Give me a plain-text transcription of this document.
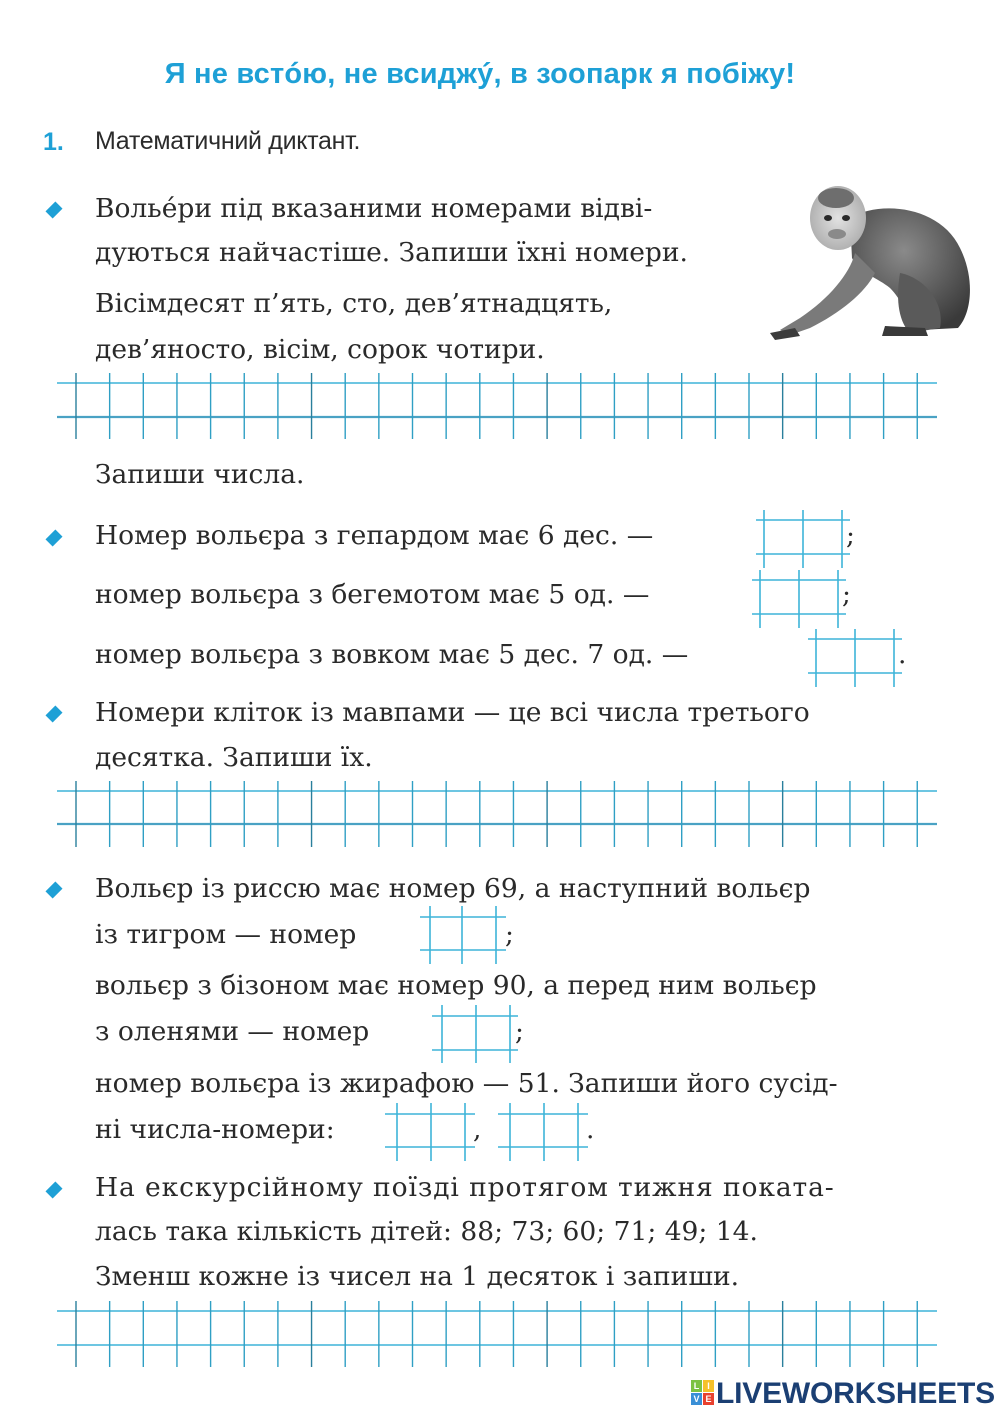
Я не встóю, не всиджý, в зоопарк я побіжу!
1. Математичний диктант.
Вольéри під вказаними номерами відві-
дуються найчастіше. Запиши їхні номери.
Вісімдесят п’ять, сто, дев’ятнадцять,
дев’яносто, вісім, сорок чотири.
Запиши числа.
Номер вольєра з гепардом має 6 дес. —	;
номер вольєра з бегемотом має 5 од. —	;
номер вольєра з вовком має 5 дес. 7 од. —	.
Номери кліток із мавпами — це всі числа третього
десятка. Запиши їх.
Вольєр із риссю має номер 69, а наступний вольєр
із тигром — номер	;
вольєр з бізоном має номер 90, а перед ним вольєр
з оленями — номер	;
номер вольєра із жирафою — 51. Запиши його сусід-
ні числа-номери:	,	.
На екскурсійному поїзді протягом тижня поката-
лась така кількість дітей: 88; 73; 60; 71; 49; 14.
Зменш кожне із чисел на 1 десяток і запиши.
L I
V E LIVEWORKSHEETS
